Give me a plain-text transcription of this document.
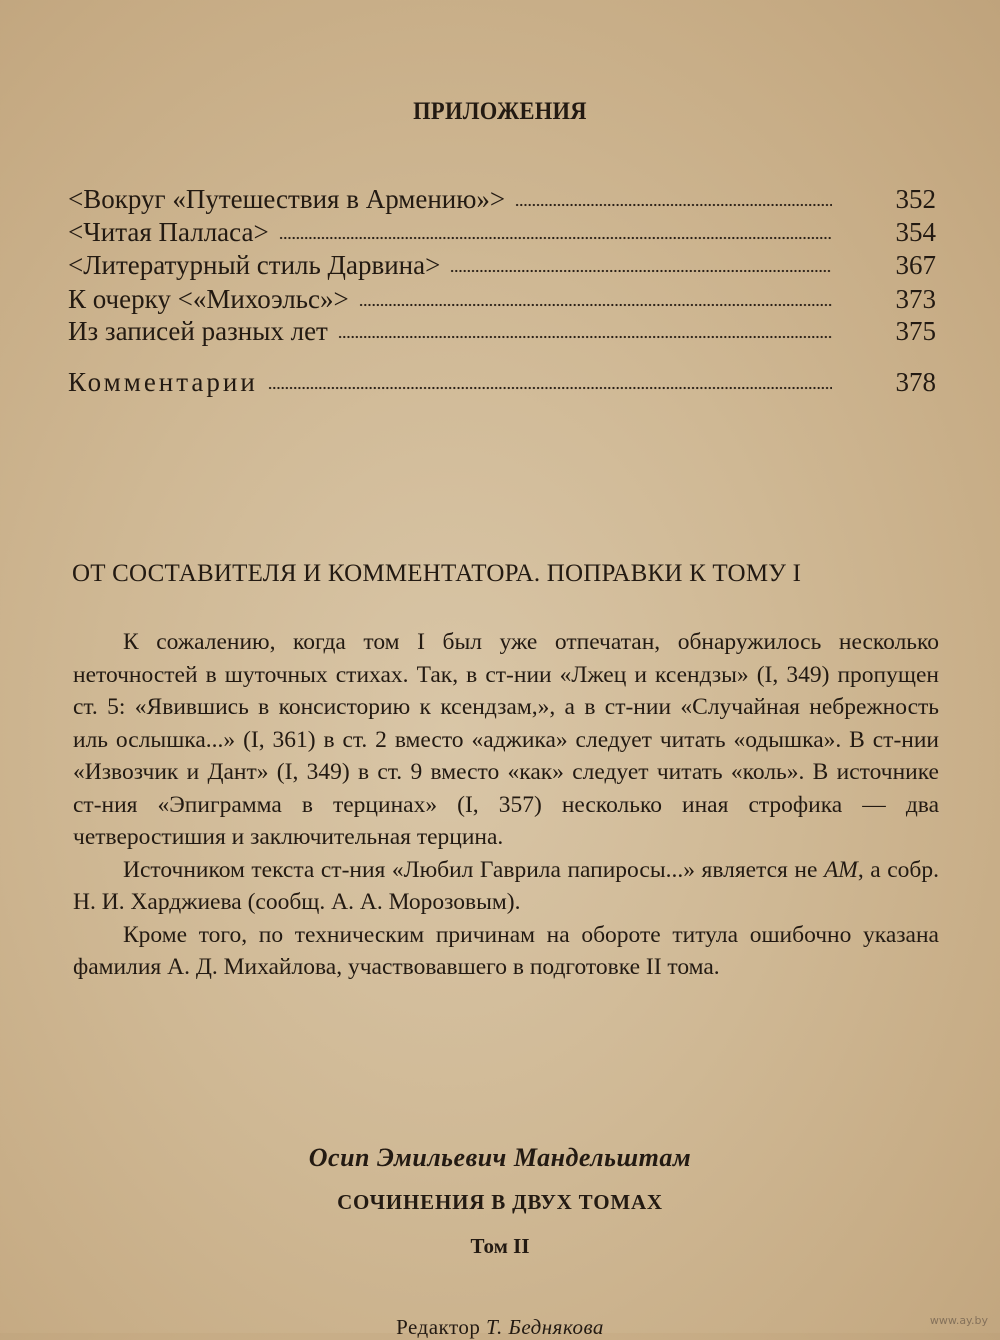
ПРИЛОЖЕНИЯ
<Вокруг «Путешествия в Армению»>	352
<Читая Палласа>	354
<Литературный стиль Дарвина>	367
К очерку <«Михоэльс»>	373
Из записей разных лет	375
Комментарии	378
ОТ СОСТАВИТЕЛЯ И КОММЕНТАТОРА. ПОПРАВКИ К ТОМУ I

К сожалению, когда том I был уже отпечатан, обнаружилось несколько неточностей в шуточных стихах. Так, в ст-нии «Лжец и ксендзы» (I, 349) пропущен ст. 5: «Явившись в консисторию к ксендзам,», а в ст-нии «Случайная небрежность иль ослышка...» (I, 361) в ст. 2 вместо «аджика» следует читать «одышка». В ст-нии «Извозчик и Дант» (I, 349) в ст. 9 вместо «как» следует читать «коль». В источнике ст-ния «Эпиграмма в терцинах» (I, 357) несколько иная строфика — два четверостишия и заключительная терцина.

Источником текста ст-ния «Любил Гаврила папиросы...» является не АМ, а собр. Н. И. Харджиева (сообщ. А. А. Морозовым).

Кроме того, по техническим причинам на обороте титула ошибочно указана фамилия А. Д. Михайлова, участвовавшего в подготовке II тома.

Осип Эмильевич Мандельштам
СОЧИНЕНИЯ В ДВУХ ТОМАХ
Том II
Редактор Т. Беднякова	www.ay.by
